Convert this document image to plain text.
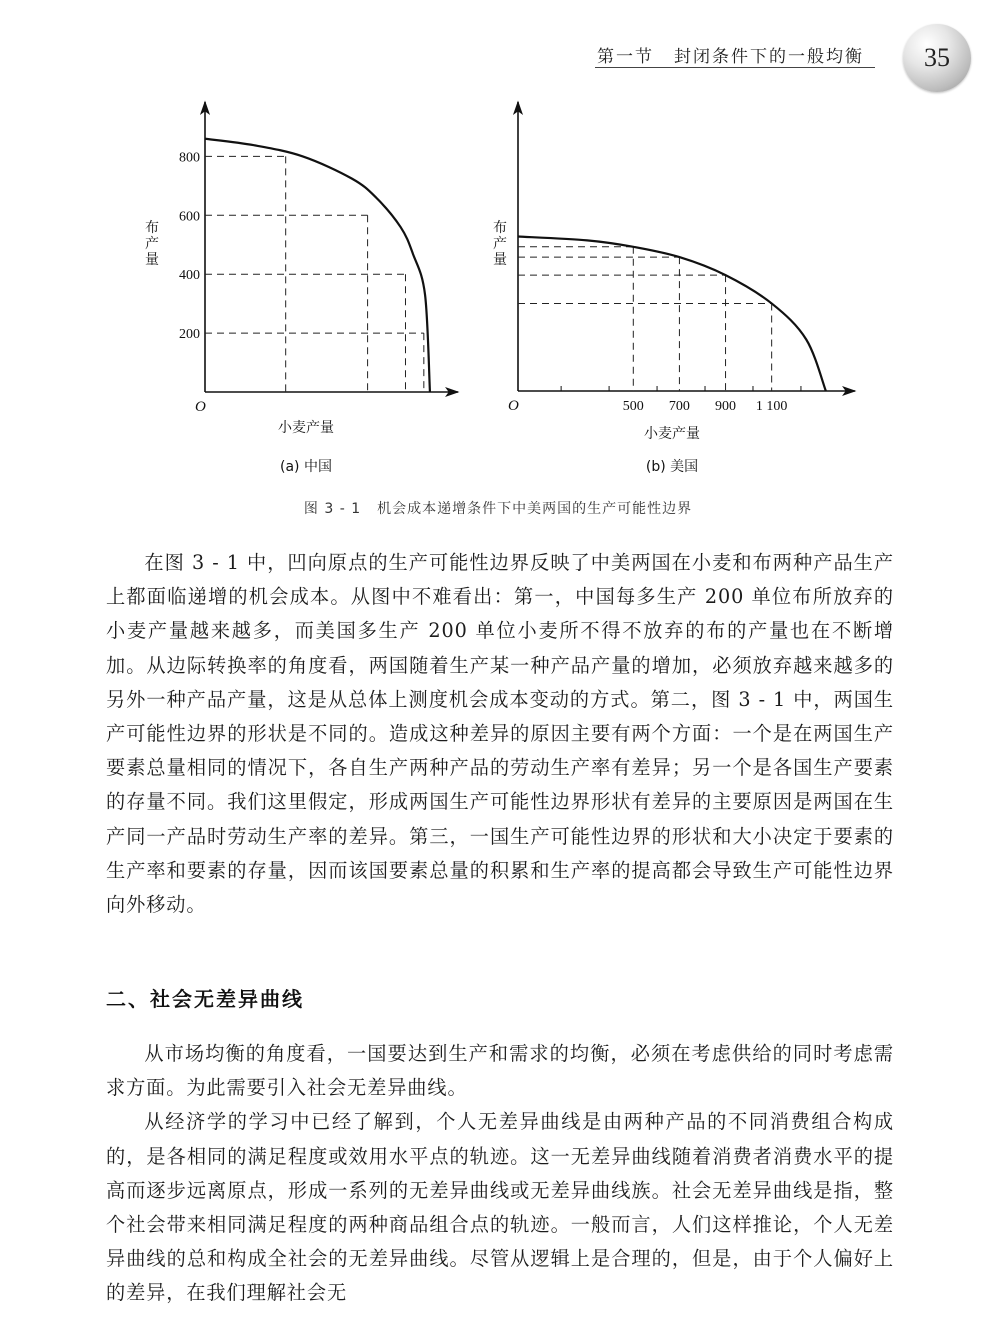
第一节 封闭条件下的一般均衡	35
O
200
400
600
800
布
产
量
小麦产量
(a) 中国
O	500 700 900 1 100
布
产
量
小麦产量
(b) 美国
图 3 - 1 机会成本递增条件下中美两国的生产可能性边界

在图 3 - 1 中，凹向原点的生产可能性边界反映了中美两国在小麦和布两种产品生产上都面临递增的机会成本。从图中不难看出：第一，中国每多生产 200 单位布所放弃的小麦产量越来越多，而美国多生产 200 单位小麦所不得不放弃的布的产量也在不断增加。从边际转换率的角度看，两国随着生产某一种产品产量的增加，必须放弃越来越多的另外一种产品产量，这是从总体上测度机会成本变动的方式。第二，图 3 - 1 中，两国生产可能性边界的形状是不同的。造成这种差异的原因主要有两个方面：一个是在两国生产要素总量相同的情况下，各自生产两种产品的劳动生产率有差异；另一个是各国生产要素的存量不同。我们这里假定，形成两国生产可能性边界形状有差异的主要原因是两国在生产同一产品时劳动生产率的差异。第三，一国生产可能性边界的形状和大小决定于要素的生产率和要素的存量，因而该国要素总量的积累和生产率的提高都会导致生产可能性边界向外移动。

二、社会无差异曲线

从市场均衡的角度看，一国要达到生产和需求的均衡，必须在考虑供给的同时考虑需求方面。为此需要引入社会无差异曲线。

从经济学的学习中已经了解到，个人无差异曲线是由两种产品的不同消费组合构成的，是各相同的满足程度或效用水平点的轨迹。这一无差异曲线随着消费者消费水平的提高而逐步远离原点，形成一系列的无差异曲线或无差异曲线族。社会无差异曲线是指，整个社会带来相同满足程度的两种商品组合点的轨迹。一般而言，人们这样推论，个人无差异曲线的总和构成全社会的无差异曲线。尽管从逻辑上是合理的，但是，由于个人偏好上的差异，在我们理解社会无
